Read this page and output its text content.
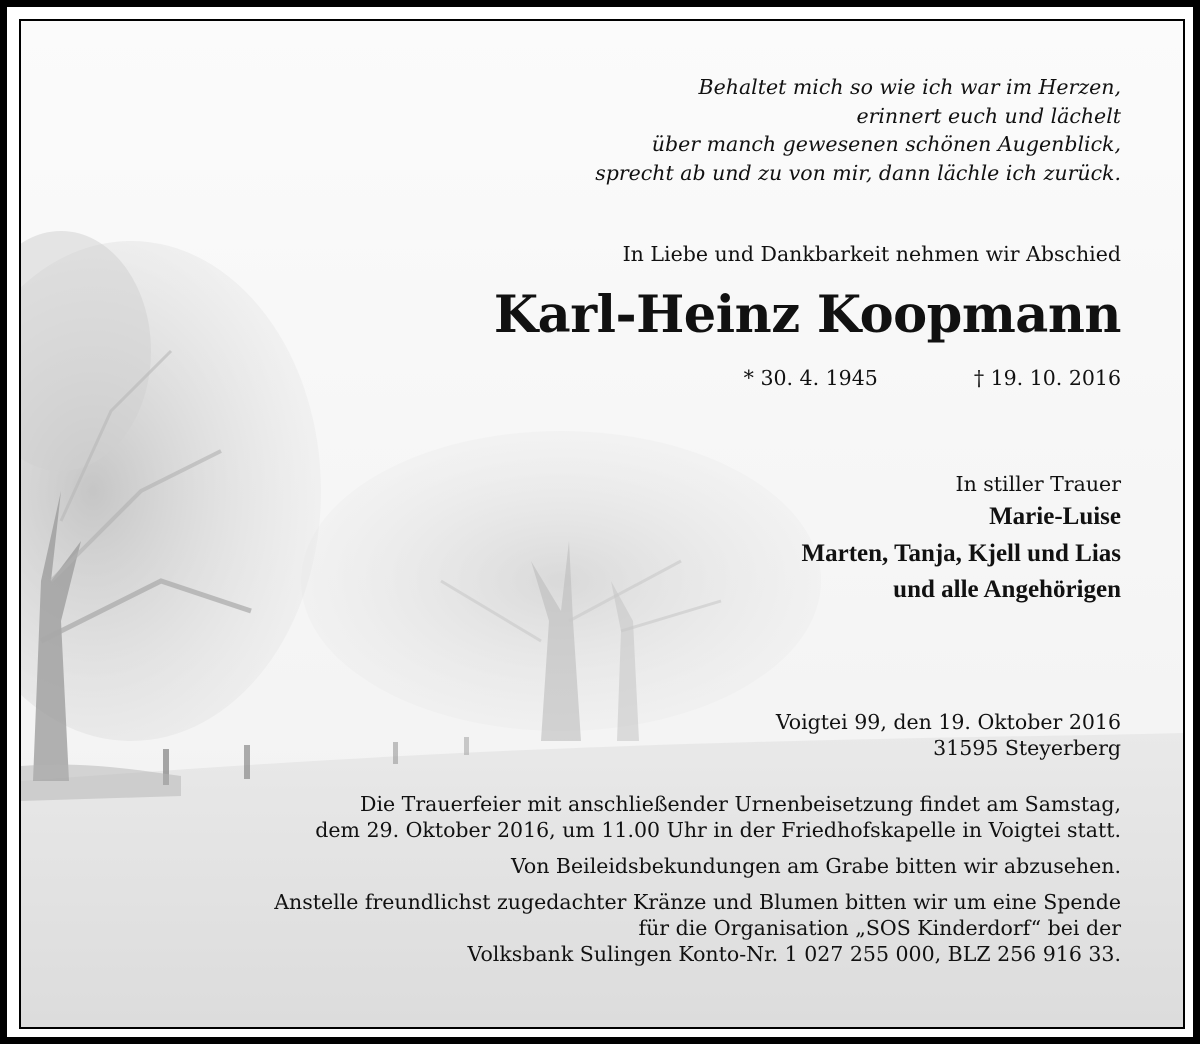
Behaltet mich so wie ich war im Herzen,
erinnert euch und lächelt
über manch gewesenen schönen Augenblick,
sprecht ab und zu von mir, dann lächle ich zurück.
In Liebe und Dankbarkeit nehmen wir Abschied
Karl-Heinz Koopmann
* 30. 4. 1945	† 19. 10. 2016
In stiller Trauer
Marie-Luise
Marten, Tanja, Kjell und Lias
und alle Angehörigen
Voigtei 99, den 19. Oktober 2016
31595 Steyerberg
Die Trauerfeier mit anschließender Urnenbeisetzung findet am Samstag,
dem 29. Oktober 2016, um 11.00 Uhr in der Friedhofskapelle in Voigtei statt.
Von Beileidsbekundungen am Grabe bitten wir abzusehen.
Anstelle freundlichst zugedachter Kränze und Blumen bitten wir um eine Spende
für die Organisation „SOS Kinderdorf“ bei der
Volksbank Sulingen Konto-Nr. 1 027 255 000, BLZ 256 916 33.
